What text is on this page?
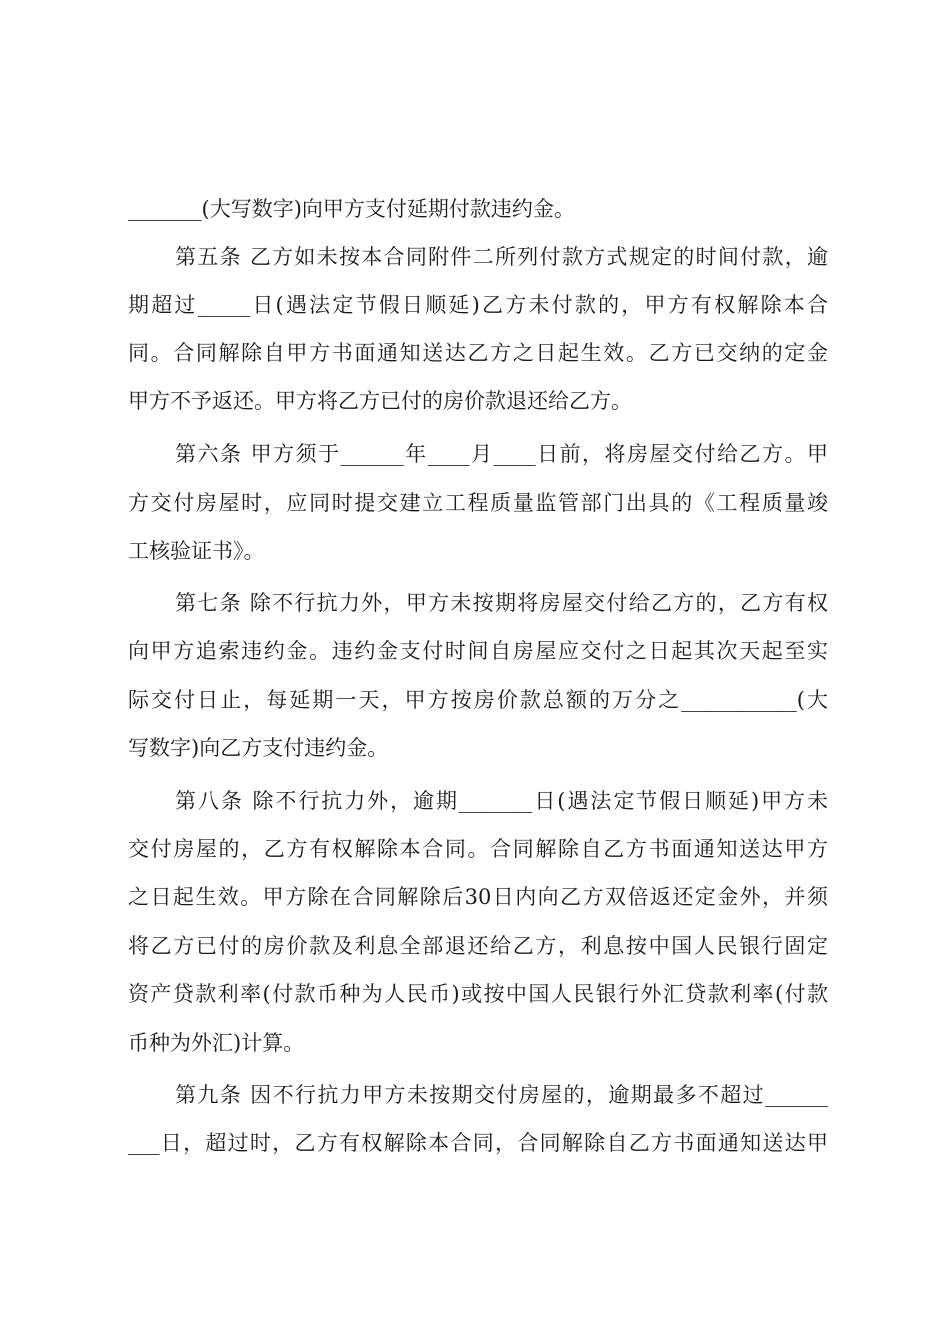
_______(大写数字)向甲方支付延期付款违约金。
第五条 乙方如未按本合同附件二所列付款方式规定的时间付款，逾
期超过_____日(遇法定节假日顺延)乙方未付款的，甲方有权解除本合
同。合同解除自甲方书面通知送达乙方之日起生效。乙方已交纳的定金
甲方不予返还。甲方将乙方已付的房价款退还给乙方。
第六条 甲方须于______年____月____日前，将房屋交付给乙方。甲
方交付房屋时，应同时提交建立工程质量监管部门出具的《工程质量竣
工核验证书》。
第七条 除不行抗力外，甲方未按期将房屋交付给乙方的，乙方有权
向甲方追索违约金。违约金支付时间自房屋应交付之日起其次天起至实
际交付日止，每延期一天，甲方按房价款总额的万分之___________(大
写数字)向乙方支付违约金。
第八条 除不行抗力外，逾期_______日(遇法定节假日顺延)甲方未
交付房屋的，乙方有权解除本合同。合同解除自乙方书面通知送达甲方
之日起生效。甲方除在合同解除后30日内向乙方双倍返还定金外，并须
将乙方已付的房价款及利息全部退还给乙方，利息按中国人民银行固定
资产贷款利率(付款币种为人民币)或按中国人民银行外汇贷款利率(付款
币种为外汇)计算。
第九条 因不行抗力甲方未按期交付房屋的，逾期最多不超过______
___日，超过时，乙方有权解除本合同，合同解除自乙方书面通知送达甲
